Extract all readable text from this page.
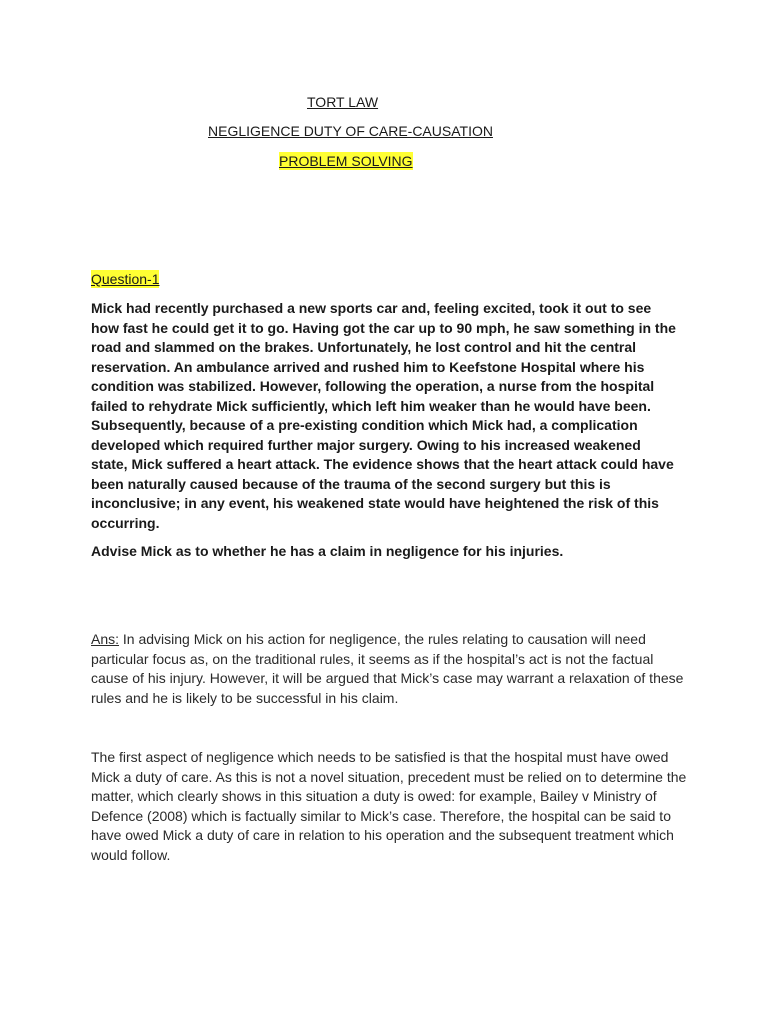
TORT LAW
NEGLIGENCE DUTY OF CARE-CAUSATION
PROBLEM SOLVING
Question-1

Mick had recently purchased a new sports car and, feeling excited, took it out to see how fast he could get it to go. Having got the car up to 90 mph, he saw something in the road and slammed on the brakes. Unfortunately, he lost control and hit the central reservation. An ambulance arrived and rushed him to Keefstone Hospital where his condition was stabilized. However, following the operation, a nurse from the hospital failed to rehydrate Mick sufficiently, which left him weaker than he would have been. Subsequently, because of a pre-existing condition which Mick had, a complication developed which required further major surgery. Owing to his increased weakened state, Mick suffered a heart attack. The evidence shows that the heart attack could have been naturally caused because of the trauma of the second surgery but this is inconclusive; in any event, his weakened state would have heightened the risk of this occurring.

Advise Mick as to whether he has a claim in negligence for his injuries.

Ans: In advising Mick on his action for negligence, the rules relating to causation will need particular focus as, on the traditional rules, it seems as if the hospital’s act is not the factual cause of his injury. However, it will be argued that Mick’s case may warrant a relaxation of these rules and he is likely to be successful in his claim.

The first aspect of negligence which needs to be satisfied is that the hospital must have owed Mick a duty of care. As this is not a novel situation, precedent must be relied on to determine the matter, which clearly shows in this situation a duty is owed: for example, Bailey v Ministry of Defence (2008) which is factually similar to Mick’s case. Therefore, the hospital can be said to have owed Mick a duty of care in relation to his operation and the subsequent treatment which would follow.
